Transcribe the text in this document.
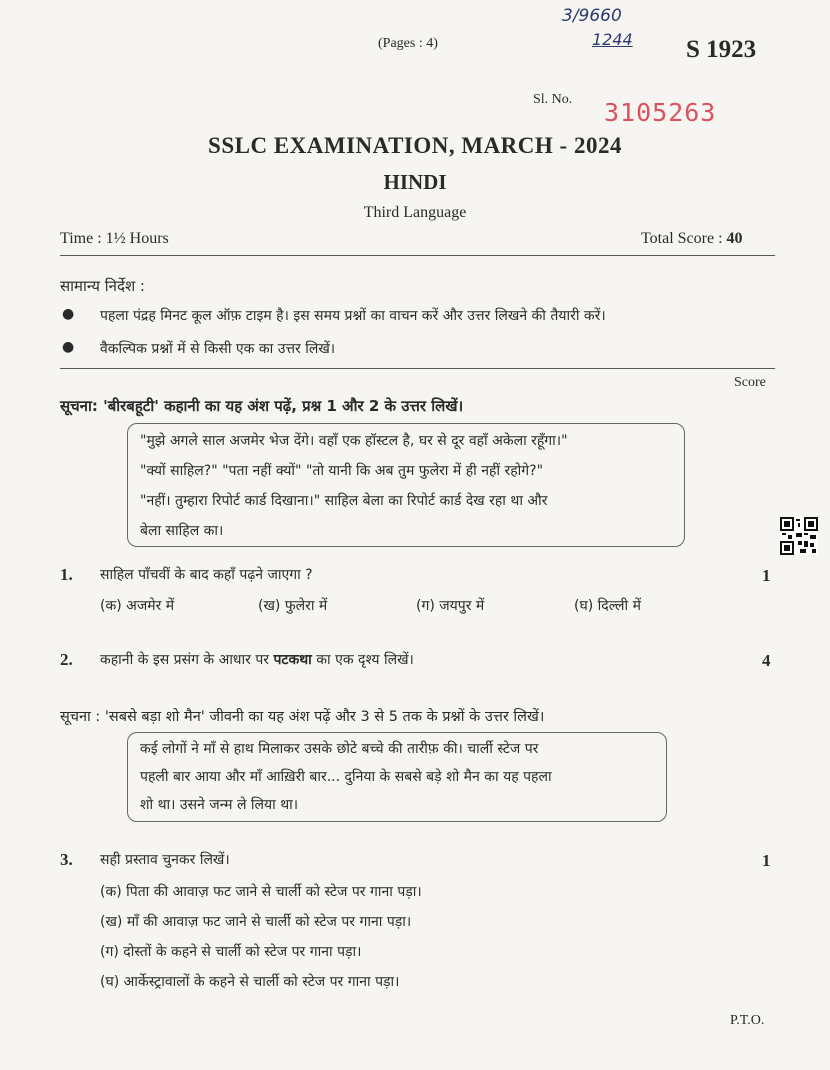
(Pages : 4)
3/9660
1244 S 1923
Sl. No. 3105263
SSLC EXAMINATION, MARCH - 2024
HINDI
Third Language
Time : 1½ Hours	Total Score : 40
सामान्य निर्देश :
● पहला पंद्रह मिनट कूल ऑफ़ टाइम है। इस समय प्रश्नों का वाचन करें और उत्तर लिखने की तैयारी करें।
● वैकल्पिक प्रश्नों में से किसी एक का उत्तर लिखें।
Score
सूचना: 'बीरबहूटी' कहानी का यह अंश पढ़ें, प्रश्न 1 और 2 के उत्तर लिखें।
"मुझे अगले साल अजमेर भेज देंगे। वहाँ एक हॉस्टल है, घर से दूर वहाँ अकेला रहूँगा।"
"क्यों साहिल?" "पता नहीं क्यों" "तो यानी कि अब तुम फुलेरा में ही नहीं रहोगे?"
"नहीं। तुम्हारा रिपोर्ट कार्ड दिखाना।" साहिल बेला का रिपोर्ट कार्ड देख रहा था और
बेला साहिल का।
1. साहिल पाँचवीं के बाद कहाँ पढ़ने जाएगा ?	1
(क) अजमेर में	(ख) फुलेरा में	(ग) जयपुर में	(घ) दिल्ली में
2. कहानी के इस प्रसंग के आधार पर पटकथा का एक दृश्य लिखें।	4
सूचना : 'सबसे बड़ा शो मैन' जीवनी का यह अंश पढ़ें और 3 से 5 तक के प्रश्नों के उत्तर लिखें।
कई लोगों ने माँ से हाथ मिलाकर उसके छोटे बच्चे की तारीफ़ की। चार्ली स्टेज पर
पहली बार आया और माँ आख़िरी बार... दुनिया के सबसे बड़े शो मैन का यह पहला
शो था। उसने जन्म ले लिया था।
3. सही प्रस्ताव चुनकर लिखें।	1
(क) पिता की आवाज़ फट जाने से चार्ली को स्टेज पर गाना पड़ा।
(ख) माँ की आवाज़ फट जाने से चार्ली को स्टेज पर गाना पड़ा।
(ग) दोस्तों के कहने से चार्ली को स्टेज पर गाना पड़ा।
(घ) आर्केस्ट्रावालों के कहने से चार्ली को स्टेज पर गाना पड़ा।
P.T.O.
